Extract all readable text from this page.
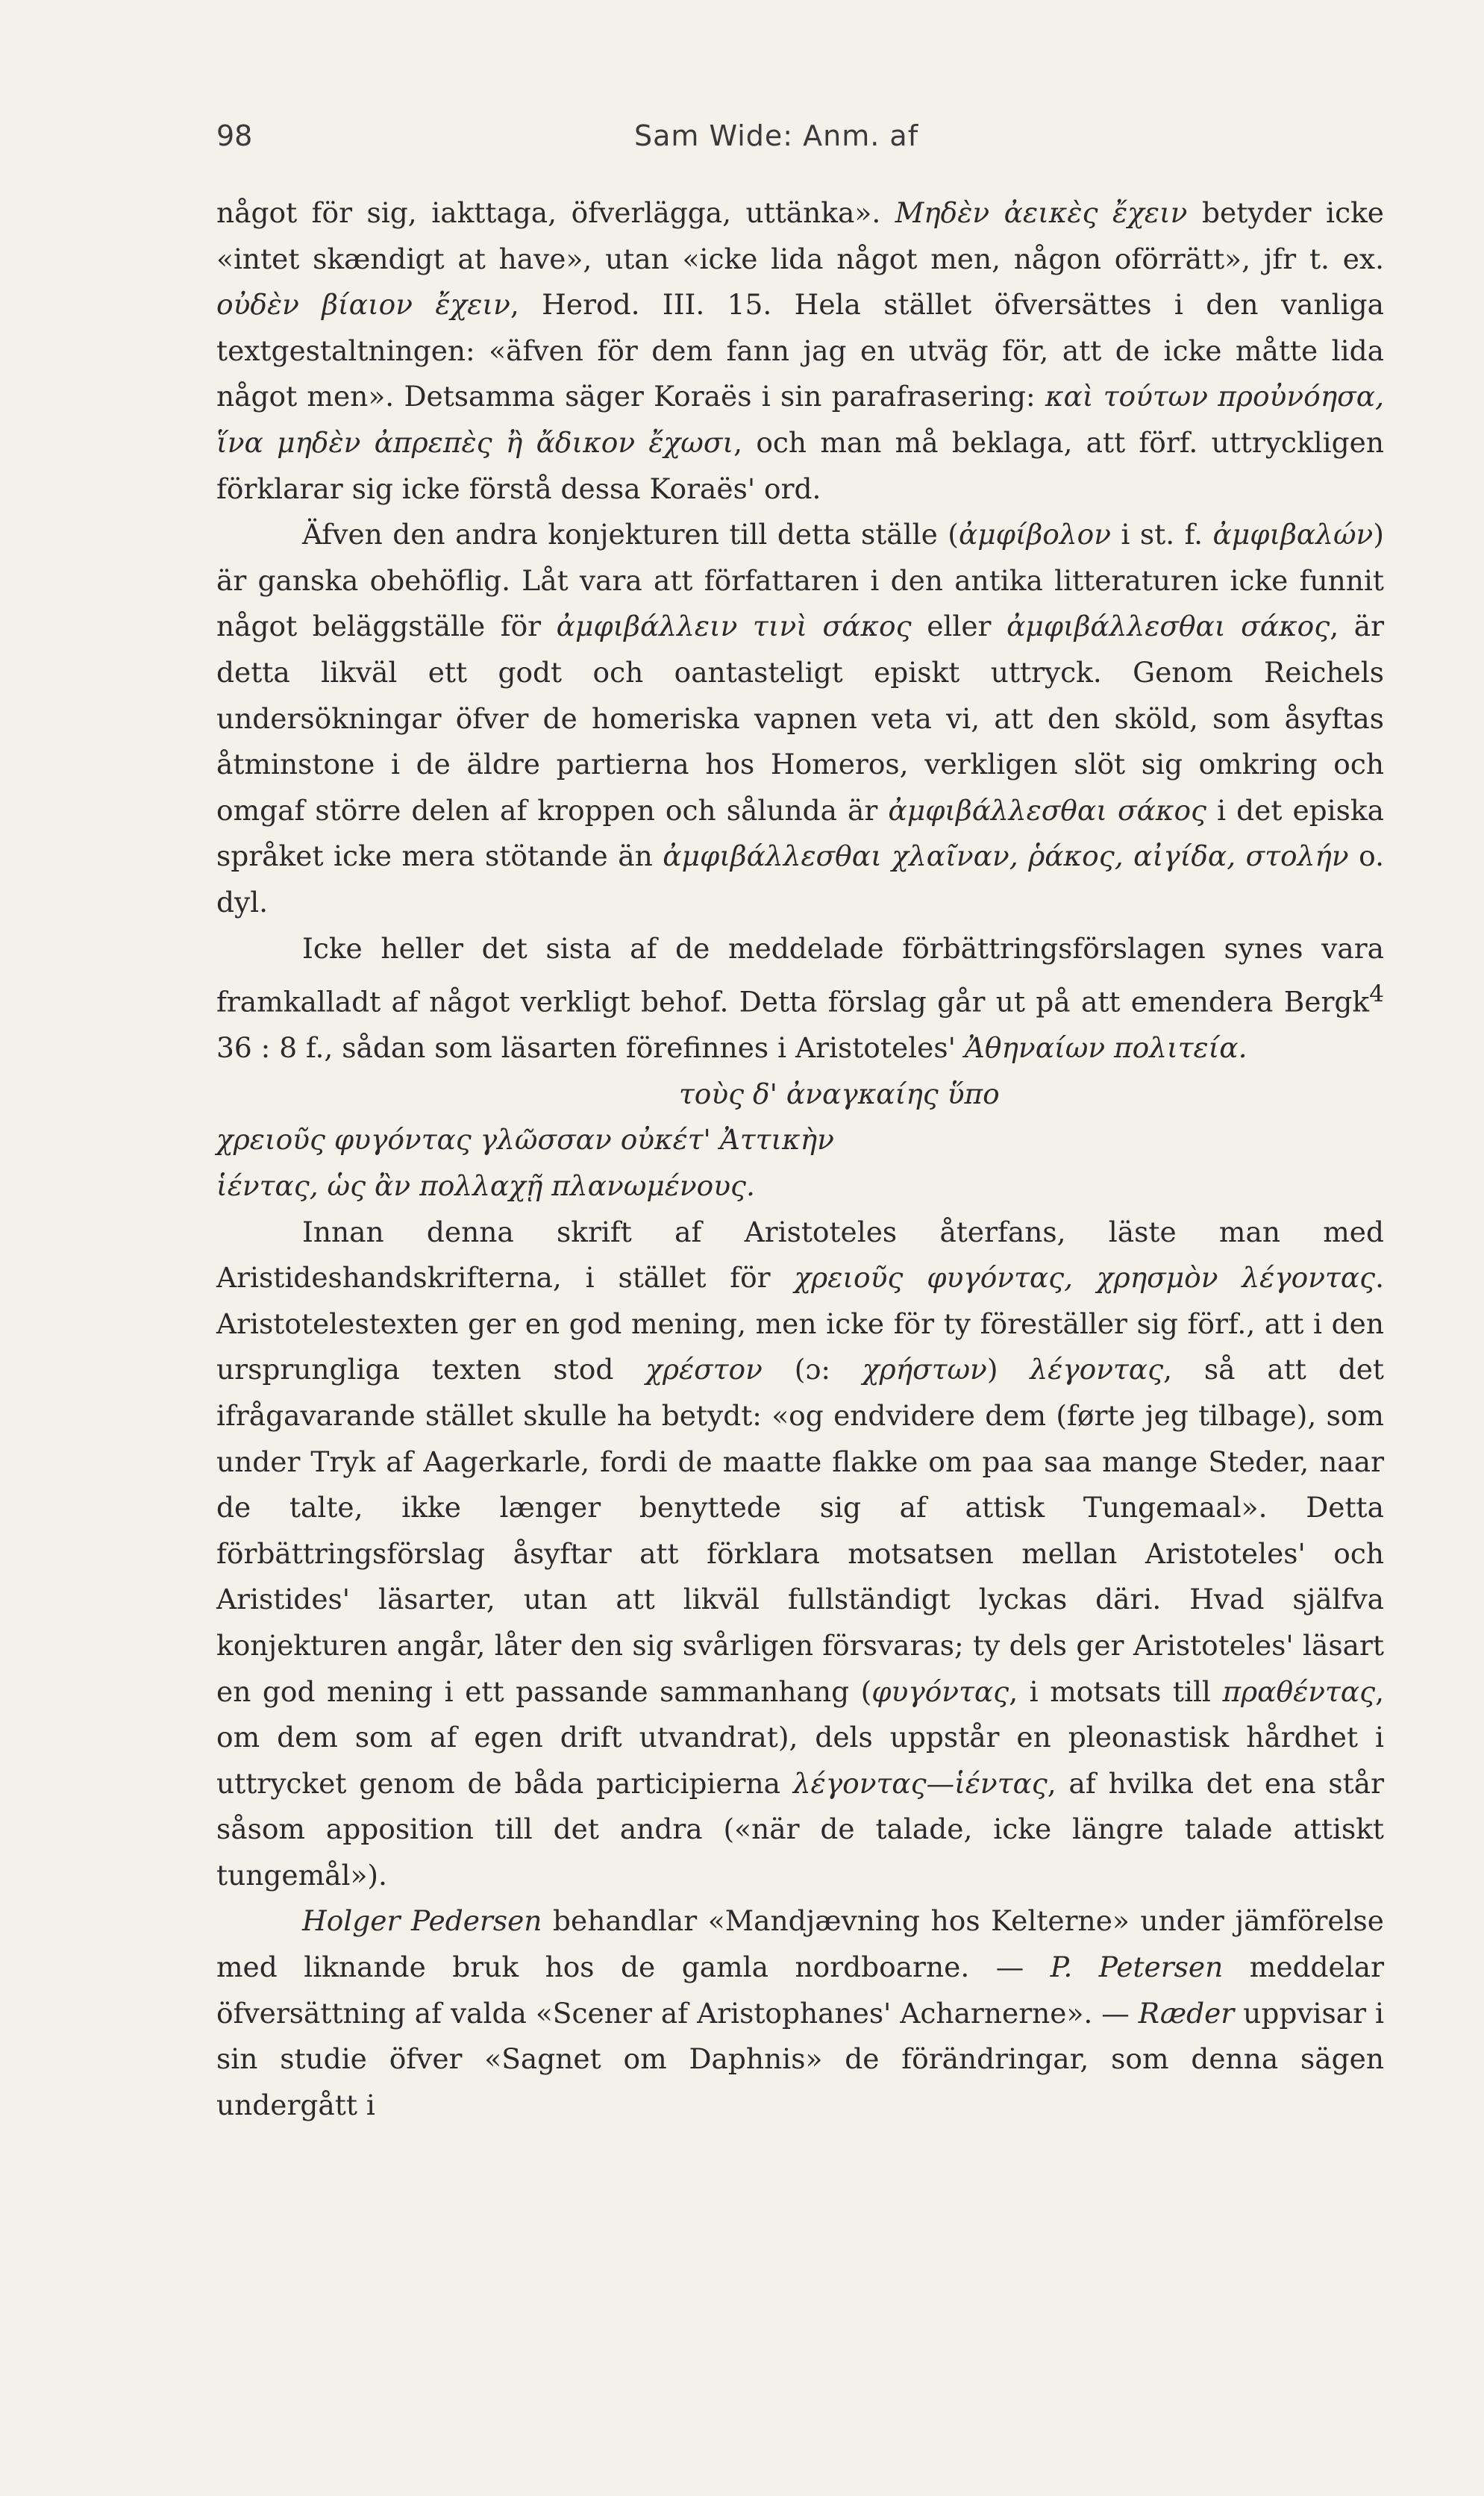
98	Sam Wide: Anm. af

något för sig, iakttaga, öfverlägga, uttänka». Μηδὲν ἀεικὲς ἔχειν betyder icke «intet skændigt at have», utan «icke lida något men, någon oförrätt», jfr t. ex. οὐδὲν βίαιον ἔχειν, Herod. III. 15. Hela stället öfversättes i den vanliga textgestaltningen: «äfven för dem fann jag en utväg för, att de icke måtte lida något men». Detsamma säger Koraës i sin parafrasering: καὶ τούτων προὐνόησα, ἵνα μηδὲν ἀπρεπὲς ἢ ἄδικον ἔχωσι, och man må beklaga, att förf. uttryckligen förklarar sig icke förstå dessa Koraës' ord.

Äfven den andra konjekturen till detta ställe (ἀμφίβολον i st. f. ἀμφιβαλών) är ganska obehöflig. Låt vara att författaren i den antika litteraturen icke funnit något beläggställe för ἀμφιβάλλειν τινὶ σάκος eller ἀμφιβάλλεσθαι σάκος, är detta likväl ett godt och oantasteligt episkt uttryck. Genom Reichels undersökningar öfver de homeriska vapnen veta vi, att den sköld, som åsyftas åtminstone i de äldre partierna hos Homeros, verkligen slöt sig omkring och omgaf större delen af kroppen och sålunda är ἀμφιβάλλεσθαι σάκος i det episka språket icke mera stötande än ἀμφιβάλλεσθαι χλαῖναν, ῥάκος, αἰγίδα, στολήν o. dyl.

Icke heller det sista af de meddelade förbättringsförslagen synes vara framkalladt af något verkligt behof. Detta förslag går ut på att emendera Bergk$^4$ 36 : 8 f., sådan som läsarten förefinnes i Aristoteles' Ἀθηναίων πολιτεία.

τοὺς δ' ἀναγκαίης ὕπο

χρειοῦς φυγόντας γλῶσσαν οὐκέτ' Ἀττικὴν

ἱέντας, ὡς ἂν πολλαχῇ πλανωμένους.

Innan denna skrift af Aristoteles återfans, läste man med Aristideshandskrifterna, i stället för χρειοῦς φυγόντας, χρησμὸν λέγοντας. Aristotelestexten ger en god mening, men icke för ty föreställer sig förf., att i den ursprungliga texten stod χρέστον (ɔ: χρήστων) λέγοντας, så att det ifrågavarande stället skulle ha betydt: «og endvidere dem (førte jeg tilbage), som under Tryk af Aagerkarle, fordi de maatte flakke om paa saa mange Steder, naar de talte, ikke længer benyttede sig af attisk Tungemaal». Detta förbättringsförslag åsyftar att förklara motsatsen mellan Aristoteles' och Aristides' läsarter, utan att likväl fullständigt lyckas däri. Hvad själfva konjekturen angår, låter den sig svårligen försvaras; ty dels ger Aristoteles' läsart en god mening i ett passande sammanhang (φυγόντας, i motsats till πραθέντας, om dem som af egen drift utvandrat), dels uppstår en pleonastisk hårdhet i uttrycket genom de båda participierna λέγοντας—ἱέντας, af hvilka det ena står såsom apposition till det andra («när de talade, icke längre talade attiskt tungemål»).

Holger Pedersen behandlar «Mandjævning hos Kelterne» under jämförelse med liknande bruk hos de gamla nordboarne. — P. Petersen meddelar öfversättning af valda «Scener af Aristophanes' Acharnerne». — Ræder uppvisar i sin studie öfver «Sagnet om Daphnis» de förändringar, som denna sägen undergått i
